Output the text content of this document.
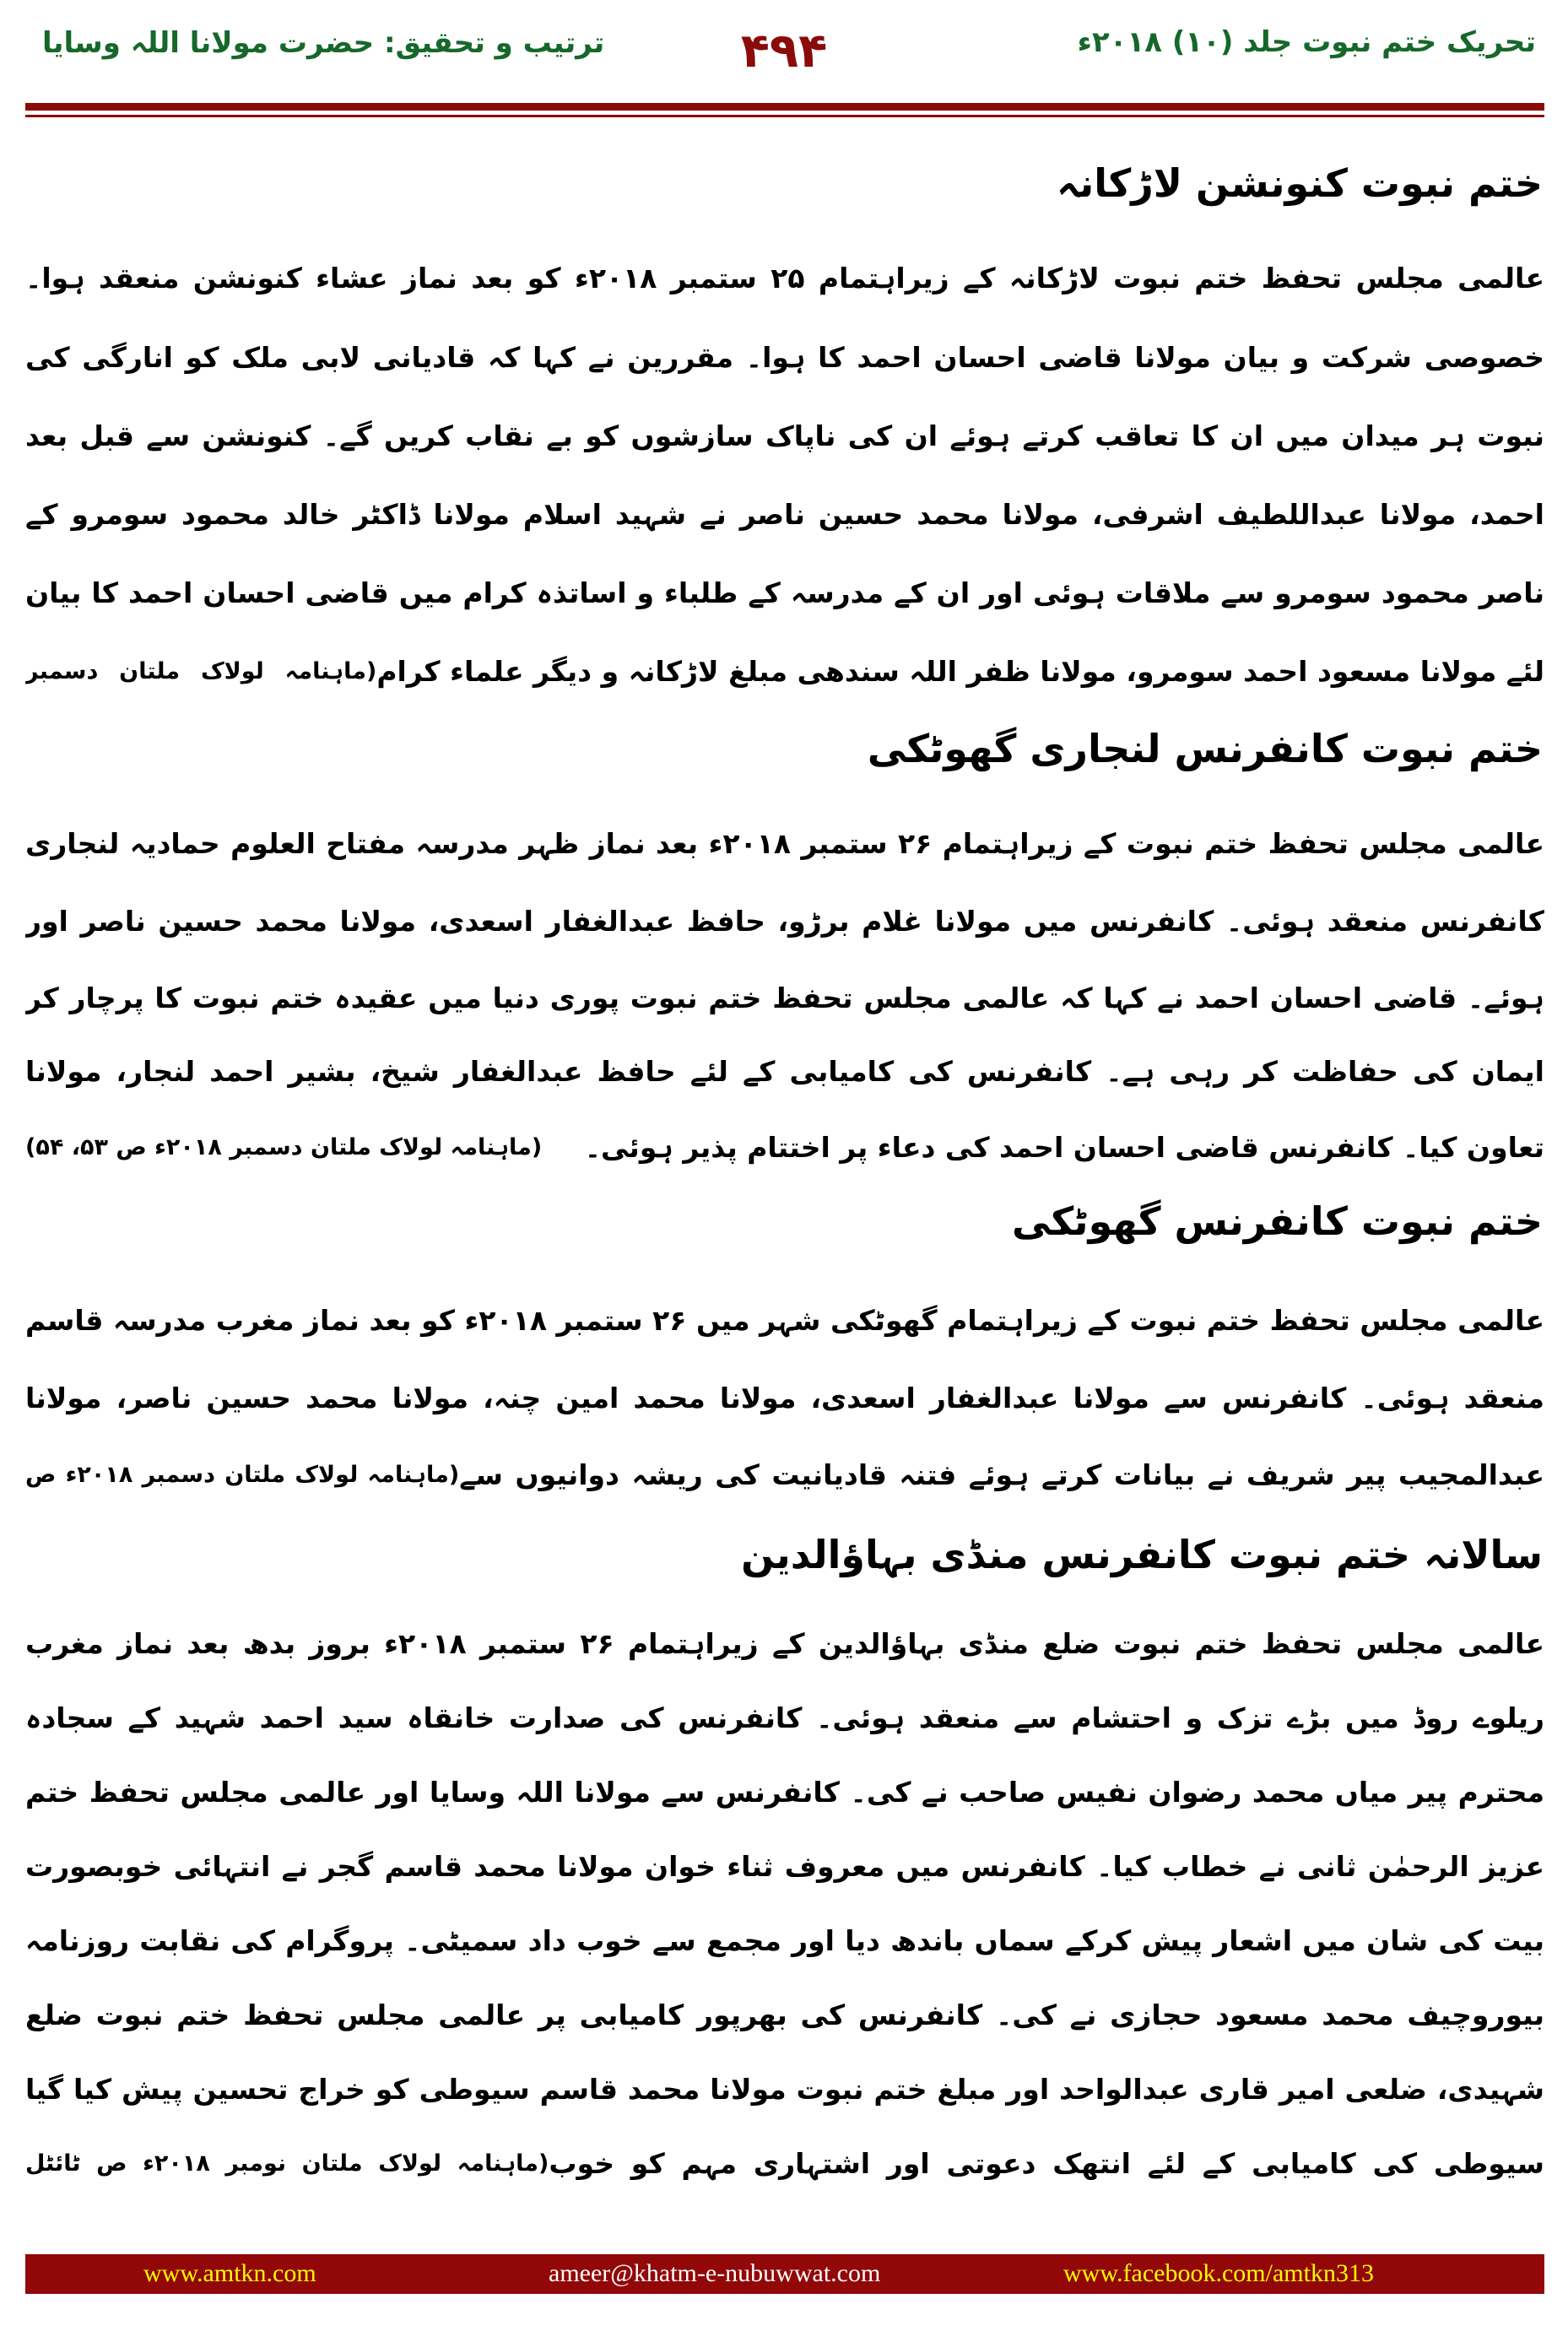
تحریک ختم نبوت جلد (۱۰) ۲۰۱۸ء
۴۹۴
ترتیب و تحقیق: حضرت مولانا اللہ وسایا
ختم نبوت کنونشن لاڑکانہ
عالمی مجلس تحفظ ختم نبوت لاڑکانہ کے زیراہتمام ۲۵ ستمبر ۲۰۱۸ء کو بعد نماز عشاء کنونشن منعقد ہوا۔
خصوصی شرکت و بیان مولانا قاضی احسان احمد کا ہوا۔ مقررین نے کہا کہ قادیانی لابی ملک کو انارگی کی
نبوت ہر میدان میں ان کا تعاقب کرتے ہوئے ان کی ناپاک سازشوں کو بے نقاب کریں گے۔ کنونشن سے قبل بعد
احمد، مولانا عبداللطیف اشرفی، مولانا محمد حسین ناصر نے شہید اسلام مولانا ڈاکٹر خالد محمود سومرو کے
ناصر محمود سومرو سے ملاقات ہوئی اور ان کے مدرسہ کے طلباء و اساتذہ کرام میں قاضی احسان احمد کا بیان
لئے مولانا مسعود احمد سومرو، مولانا ظفر اللہ سندھی مبلغ لاڑکانہ و دیگر علماء کرام
(ماہنامہ لولاک ملتان دسمبر
ختم نبوت کانفرنس لنجاری گھوٹکی
عالمی مجلس تحفظ ختم نبوت کے زیراہتمام ۲۶ ستمبر ۲۰۱۸ء بعد نماز ظہر مدرسہ مفتاح العلوم حمادیہ لنجاری
کانفرنس منعقد ہوئی۔ کانفرنس میں مولانا غلام برڑو، حافظ عبدالغفار اسعدی، مولانا محمد حسین ناصر اور
ہوئے۔ قاضی احسان احمد نے کہا کہ عالمی مجلس تحفظ ختم نبوت پوری دنیا میں عقیدہ ختم نبوت کا پرچار کر
ایمان کی حفاظت کر رہی ہے۔ کانفرنس کی کامیابی کے لئے حافظ عبدالغفار شیخ، بشیر احمد لنجار، مولانا
تعاون کیا۔ کانفرنس قاضی احسان احمد کی دعاء پر اختتام پذیر ہوئی۔
(ماہنامہ لولاک ملتان دسمبر ۲۰۱۸ء ص ۵۳، ۵۴)
ختم نبوت کانفرنس گھوٹکی
عالمی مجلس تحفظ ختم نبوت کے زیراہتمام گھوٹکی شہر میں ۲۶ ستمبر ۲۰۱۸ء کو بعد نماز مغرب مدرسہ قاسم
منعقد ہوئی۔ کانفرنس سے مولانا عبدالغفار اسعدی، مولانا محمد امین چنہ، مولانا محمد حسین ناصر، مولانا
عبدالمجیب پیر شریف نے بیانات کرتے ہوئے فتنہ قادیانیت کی ریشہ دوانیوں سے
(ماہنامہ لولاک ملتان دسمبر ۲۰۱۸ء ص
سالانہ ختم نبوت کانفرنس منڈی بہاؤالدین
عالمی مجلس تحفظ ختم نبوت ضلع منڈی بہاؤالدین کے زیراہتمام ۲۶ ستمبر ۲۰۱۸ء بروز بدھ بعد نماز مغرب
ریلوے روڈ میں بڑے تزک و احتشام سے منعقد ہوئی۔ کانفرنس کی صدارت خانقاہ سید احمد شہید کے سجادہ
محترم پیر میاں محمد رضوان نفیس صاحب نے کی۔ کانفرنس سے مولانا اللہ وسایا اور عالمی مجلس تحفظ ختم
عزیز الرحمٰن ثانی نے خطاب کیا۔ کانفرنس میں معروف ثناء خوان مولانا محمد قاسم گجر نے انتہائی خوبصورت
بیت کی شان میں اشعار پیش کرکے سماں باندھ دیا اور مجمع سے خوب داد سمیٹی۔ پروگرام کی نقابت روزنامہ
بیوروچیف محمد مسعود حجازی نے کی۔ کانفرنس کی بھرپور کامیابی پر عالمی مجلس تحفظ ختم نبوت ضلع
شہیدی، ضلعی امیر قاری عبدالواحد اور مبلغ ختم نبوت مولانا محمد قاسم سیوطی کو خراج تحسین پیش کیا گیا
سیوطی کی کامیابی کے لئے انتھک دعوتی اور اشتہاری مہم کو خوب
(ماہنامہ لولاک ملتان نومبر ۲۰۱۸ء ص ٹائٹل
www.amtkn.com	ameer@khatm-e-nubuwwat.com	www.facebook.com/amtkn313
